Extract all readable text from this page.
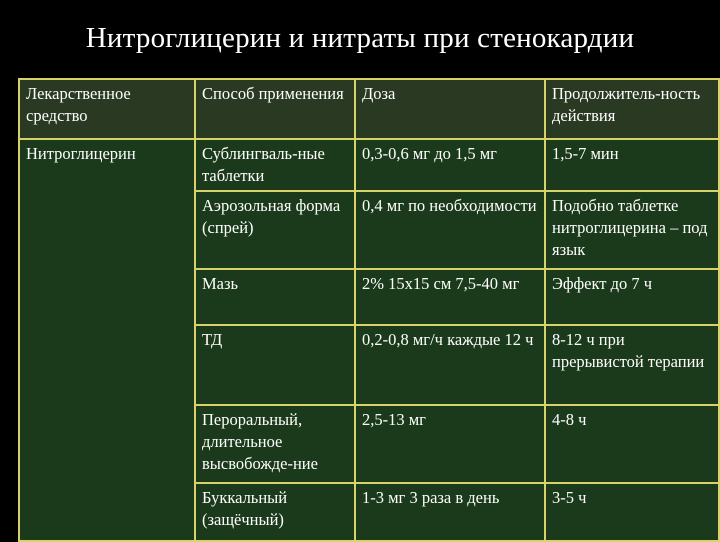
Нитроглицерин и нитраты при стенокардии
Лекарственное средство	Способ применения	Доза	Продолжитель-ность действия
Нитроглицерин	Сублингваль-ные таблетки	0,3-0,6 мг до 1,5 мг	1,5-7 мин
	Аэрозольная форма (спрей)	0,4 мг по необходимости	Подобно таблетке нитроглицерина – под язык
	Мазь	2% 15х15 см 7,5-40 мг	Эффект до 7 ч
	ТД	0,2-0,8 мг/ч каждые 12 ч	8-12 ч при прерывистой терапии
	Пероральный, длительное высвобожде-ние	2,5-13 мг	4-8 ч
	Буккальный (защёчный)	1-3 мг 3 раза в день	3-5 ч
